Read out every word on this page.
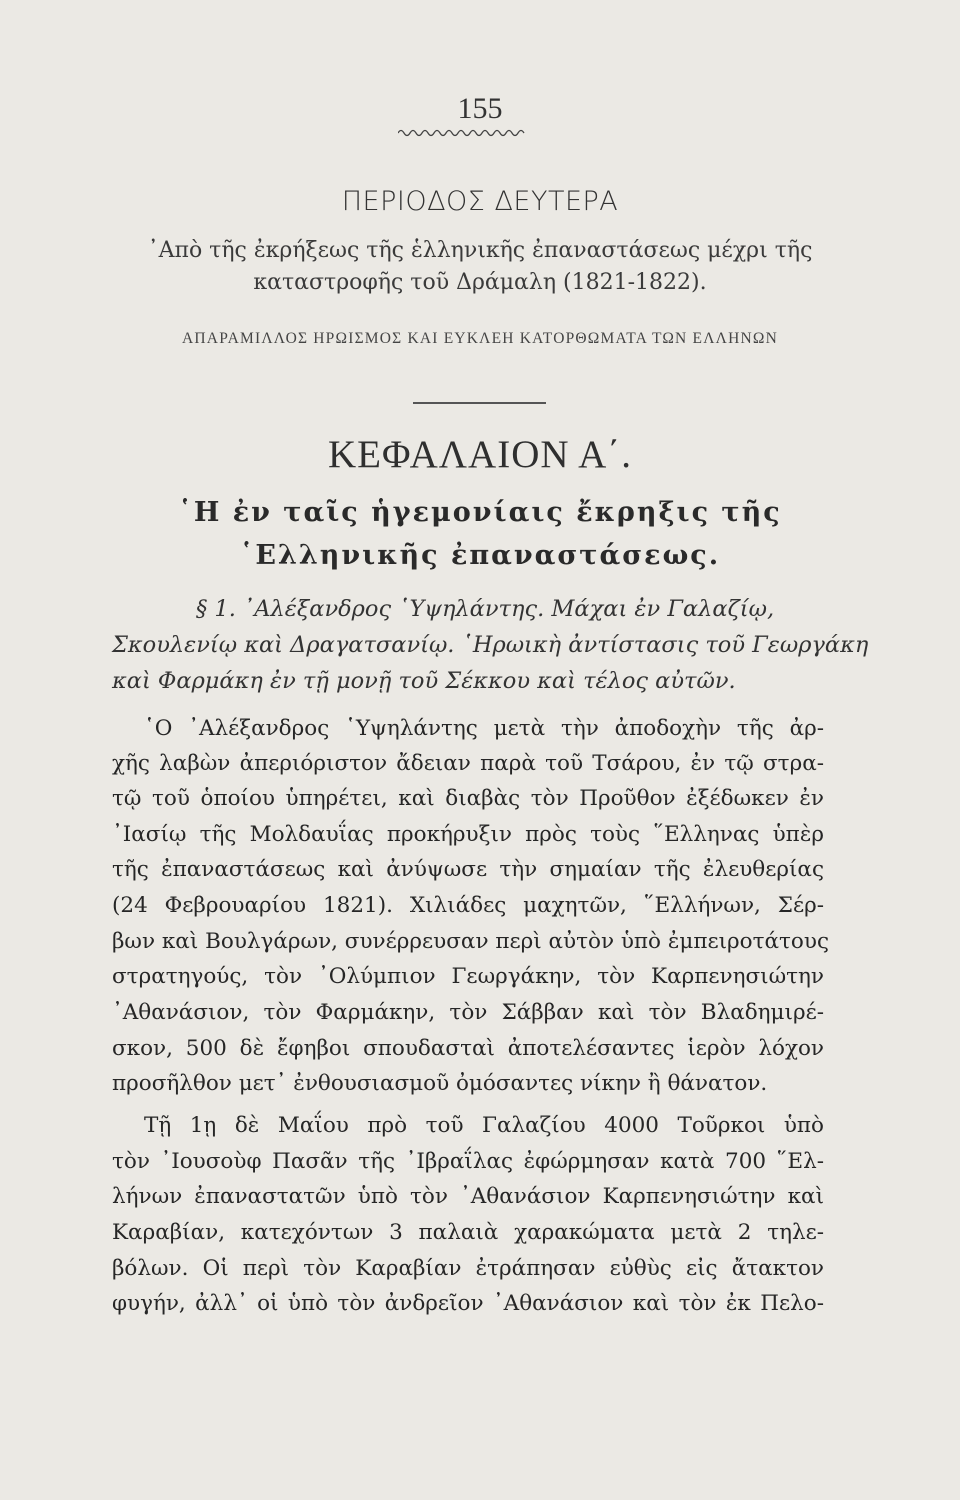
155
ΠΕΡΙΟΔΟΣ ΔΕΥΤΕΡΑ
᾿Απὸ τῆς ἐκρήξεως τῆς ἑλληνικῆς ἐπαναστάσεως μέχρι τῆς
καταστροφῆς τοῦ Δράμαλη (1821-1822).
ΑΠΑΡΑΜΙΛΛΟΣ ΗΡΩΙΣΜΟΣ ΚΑΙ ΕΥΚΛΕΗ ΚΑΤΟΡΘΩΜΑΤΑ ΤΩΝ ΕΛΛΗΝΩΝ
ΚΕΦΑΛΑΙΟΝ Α΄.
῾Η ἐν ταῖς ἡγεμονίαις ἔκρηξις τῆς
῾Ελληνικῆς ἐπαναστάσεως.
§ 1. ᾿Αλέξανδρος ῾Υψηλάντης. Μάχαι ἐν Γαλαζίῳ,
Σκουλενίῳ καὶ Δραγατσανίῳ. ῾Ηρωικὴ ἀντίστασις τοῦ Γεωργάκη
καὶ Φαρμάκη ἐν τῇ μονῇ τοῦ Σέκκου καὶ τέλος αὐτῶν.
῾Ο ᾿Αλέξανδρος ῾Υψηλάντης μετὰ τὴν ἀποδοχὴν τῆς ἀρ-
χῆς λαβὼν ἀπεριόριστον ἄδειαν παρὰ τοῦ Τσάρου, ἐν τῷ στρα-
τῷ τοῦ ὁποίου ὑπηρέτει, καὶ διαβὰς τὸν Προῦθον ἐξέδωκεν ἐν
᾿Ιασίῳ τῆς Μολδαυΐας προκήρυξιν πρὸς τοὺς ῞Ελληνας ὑπὲρ
τῆς ἐπαναστάσεως καὶ ἀνύψωσε τὴν σημαίαν τῆς ἐλευθερίας
(24 Φεβρουαρίου 1821). Χιλιάδες μαχητῶν, ῞Ελλήνων, Σέρ-
βων καὶ Βουλγάρων, συνέρρευσαν περὶ αὐτὸν ὑπὸ ἐμπειροτάτους
στρατηγούς, τὸν ᾿Ολύμπιον Γεωργάκην, τὸν Καρπενησιώτην
᾿Αθανάσιον, τὸν Φαρμάκην, τὸν Σάββαν καὶ τὸν Βλαδημιρέ-
σκον, 500 δὲ ἔφηβοι σπουδασταὶ ἀποτελέσαντες ἱερὸν λόχον
προσῆλθον μετ᾿ ἐνθουσιασμοῦ ὀμόσαντες νίκην ἢ θάνατον.
Τῇ 1ῃ δὲ Μαΐου πρὸ τοῦ Γαλαζίου 4000 Τοῦρκοι ὑπὸ
τὸν ᾿Ιουσοὺφ Πασᾶν τῆς ᾿Ιβραΐλας ἐφώρμησαν κατὰ 700 ῞Ελ-
λήνων ἐπαναστατῶν ὑπὸ τὸν ᾿Αθανάσιον Καρπενησιώτην καὶ
Καραβίαν, κατεχόντων 3 παλαιὰ χαρακώματα μετὰ 2 τηλε-
βόλων. Οἱ περὶ τὸν Καραβίαν ἐτράπησαν εὐθὺς εἰς ἄτακτον
φυγήν, ἀλλ᾿ οἱ ὑπὸ τὸν ἀνδρεῖον ᾿Αθανάσιον καὶ τὸν ἐκ Πελο-
